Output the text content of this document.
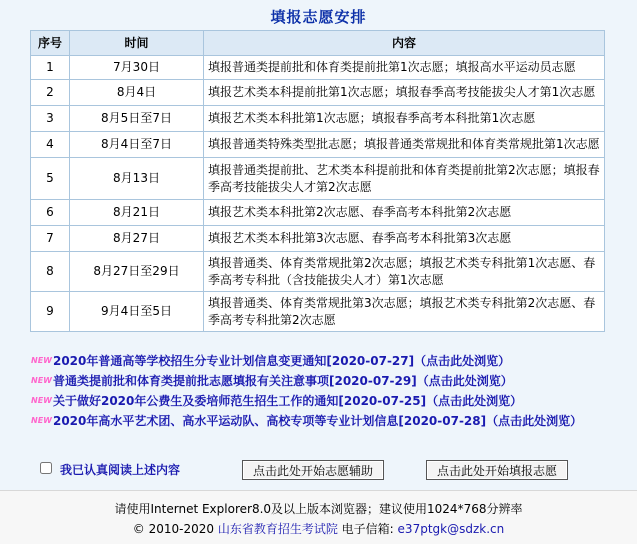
填报志愿安排
序号	时间	内容
1	7月30日	填报普通类提前批和体育类提前批第1次志愿；填报高水平运动员志愿
2	8月4日	填报艺术类本科提前批第1次志愿；填报春季高考技能拔尖人才第1次志愿
3	8月5日至7日	填报艺术类本科批第1次志愿；填报春季高考本科批第1次志愿
4	8月4日至7日	填报普通类特殊类型批志愿；填报普通类常规批和体育类常规批第1次志愿
5	8月13日	填报普通类提前批、艺术类本科提前批和体育类提前批第2次志愿；填报春季高考技能拔尖人才第2次志愿
6	8月21日	填报艺术类本科批第2次志愿、春季高考本科批第2次志愿
7	8月27日	填报艺术类本科批第3次志愿、春季高考本科批第3次志愿
8	8月27日至29日	填报普通类、体育类常规批第2次志愿；填报艺术类专科批第1次志愿、春季高考专科批（含技能拔尖人才）第1次志愿
9	9月4日至5日	填报普通类、体育类常规批第3次志愿；填报艺术类专科批第2次志愿、春季高考专科批第2次志愿
NEW2020年普通高等学校招生分专业计划信息变更通知[2020-07-27]（点击此处浏览）
NEW普通类提前批和体育类提前批志愿填报有关注意事项[2020-07-29]（点击此处浏览）
NEW关于做好2020年公费生及委培师范生招生工作的通知[2020-07-25]（点击此处浏览）
NEW2020年高水平艺术团、高水平运动队、高校专项等专业计划信息[2020-07-28]（点击此处浏览）
我已认真阅读上述内容	点击此处开始志愿辅助	点击此处开始填报志愿
请使用Internet Explorer8.0及以上版本浏览器；建议使用1024*768分辨率
© 2010-2020 山东省教育招生考试院 电子信箱: e37ptgk@sdzk.cn
